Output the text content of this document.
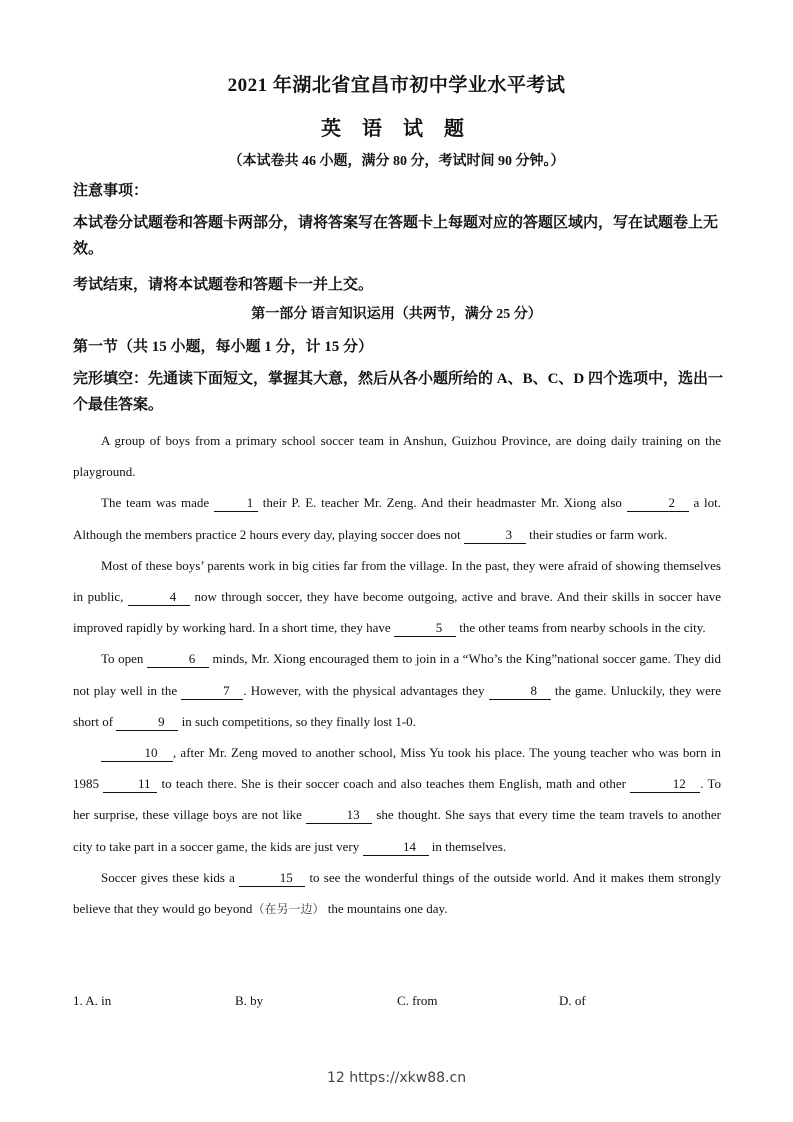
2021 年湖北省宜昌市初中学业水平考试
英 语 试 题
（本试卷共 46 小题，满分 80 分，考试时间 90 分钟。）
注意事项：
本试卷分试题卷和答题卡两部分，请将答案写在答题卡上每题对应的答题区域内，写在试题卷上无效。
考试结束，请将本试题卷和答题卡一并上交。
第一部分 语言知识运用（共两节，满分 25 分）
第一节（共 15 小题，每小题 1 分，计 15 分）
完形填空：先通读下面短文，掌握其大意，然后从各小题所给的 A、B、C、D 四个选项中，选出一个最佳答案。

A group of boys from a primary school soccer team in Anshun, Guizhou Province, are doing daily training on the playground.

The team was made	1 their P. E. teacher Mr. Zeng. And their headmaster Mr. Xiong also	2 a lot. Although the members practice 2 hours every day, playing soccer does not	3 their studies or farm work.

Most of these boys’ parents work in big cities far from the village. In the past, they were afraid of showing themselves in public,	4 now through soccer, they have become outgoing, active and brave. And their skills in soccer have improved rapidly by working hard. In a short time, they have	5 the other teams from nearby schools in the city.

To open	6 minds, Mr. Xiong encouraged them to join in a “Who’s the King”national soccer game. They did not play well in the	7 . However, with the physical advantages they	8 the game. Unluckily, they were short of	9 in such competitions, so they finally lost 1-0.

10 , after Mr. Zeng moved to another school, Miss Yu took his place. The young teacher who was born in 1985	11 to teach there. She is their soccer coach and also teaches them English, math and other	12 . To her surprise, these village boys are not like	13 she thought. She says that every time the team travels to another city to take part in a soccer game, the kids are just very	14 in themselves.

Soccer gives these kids a	15 to see the wonderful things of the outside world. And it makes them strongly believe that they would go beyond（在另一边） the mountains one day.

1. A. in	B. by	C. from	D. of
12 https://xkw88.cn
